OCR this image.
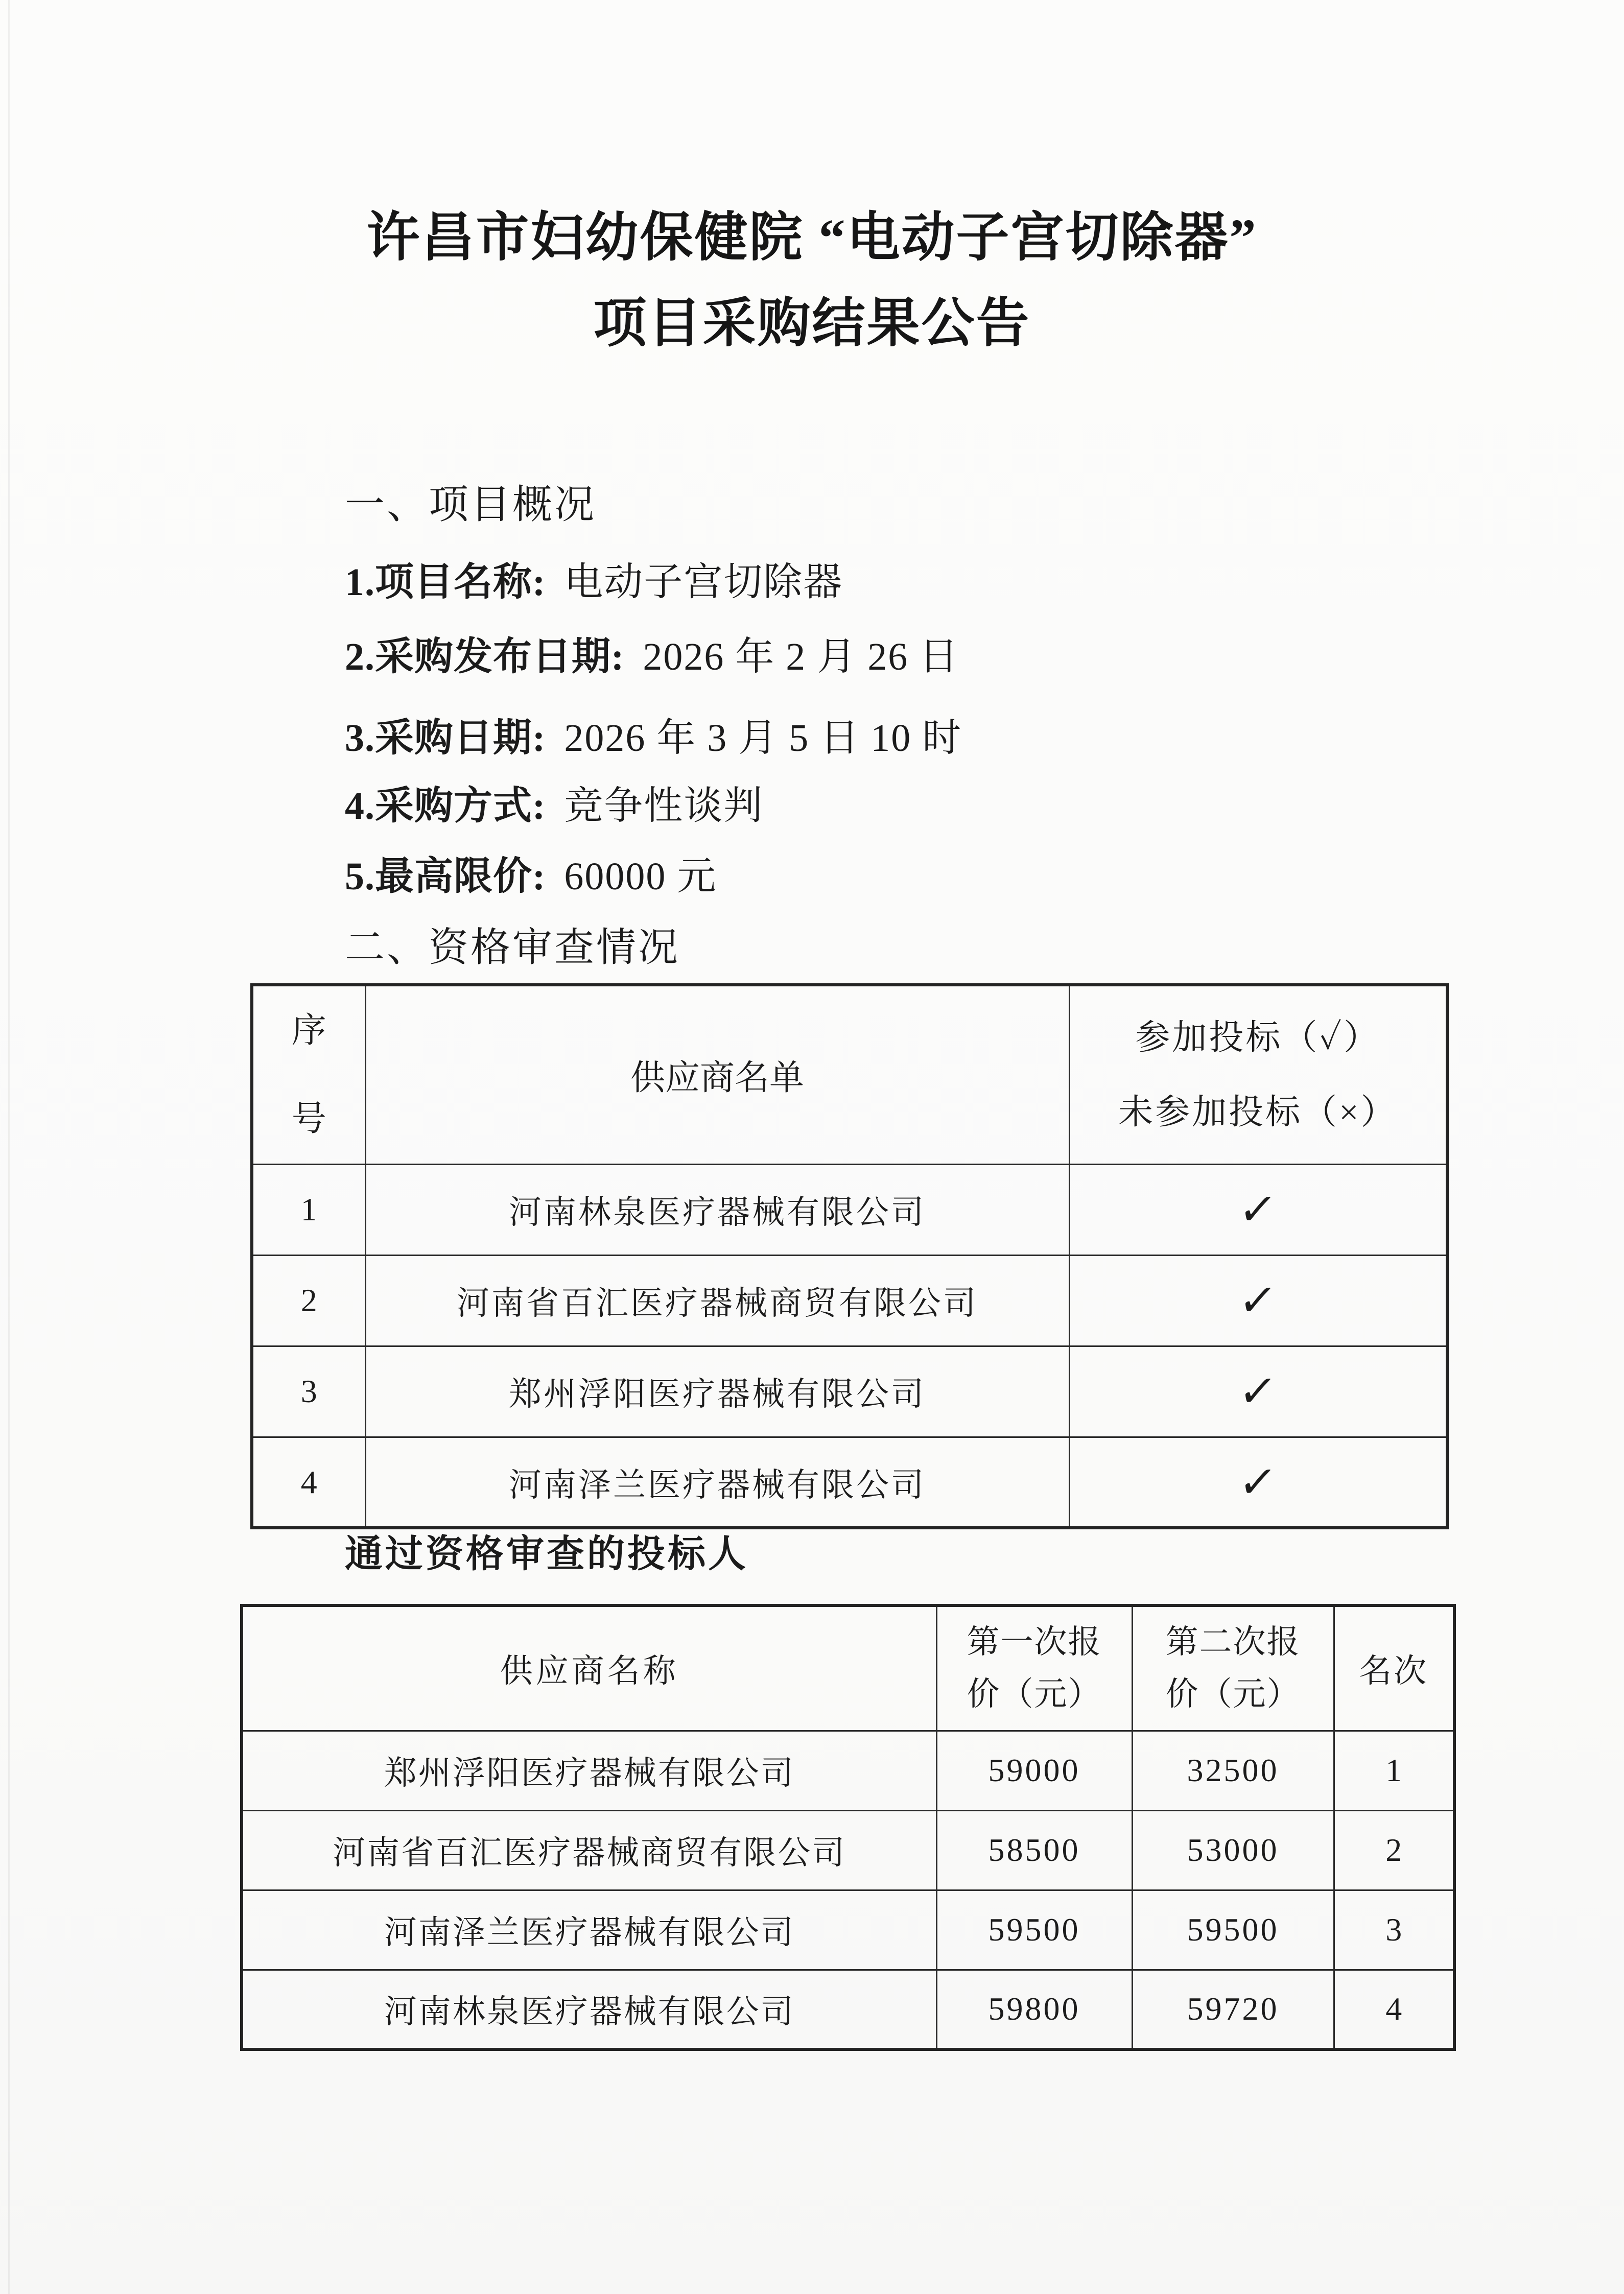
许昌市妇幼保健院 “电动子宫切除器”
项目采购结果公告
一、项目概况
1.项目名称: 电动子宫切除器
2.采购发布日期: 2026 年 2 月 26 日
3.采购日期: 2026 年 3 月 5 日 10 时
4.采购方式: 竞争性谈判
5.最高限价: 60000 元
二、资格审查情况
序号	供应商名单	参加投标（✓）
未参加投标（×）

1	河南林泉医疗器械有限公司	✓
2	河南省百汇医疗器械商贸有限公司	✓
3	郑州浮阳医疗器械有限公司	✓
4	河南泽兰医疗器械有限公司	✓
通过资格审查的投标人
供应商名称	第一次报价（元）	第二次报价（元）	名次

郑州浮阳医疗器械有限公司	59000	32500	1
河南省百汇医疗器械商贸有限公司	58500	53000	2
河南泽兰医疗器械有限公司	59500	59500	3
河南林泉医疗器械有限公司	59800	59720	4
